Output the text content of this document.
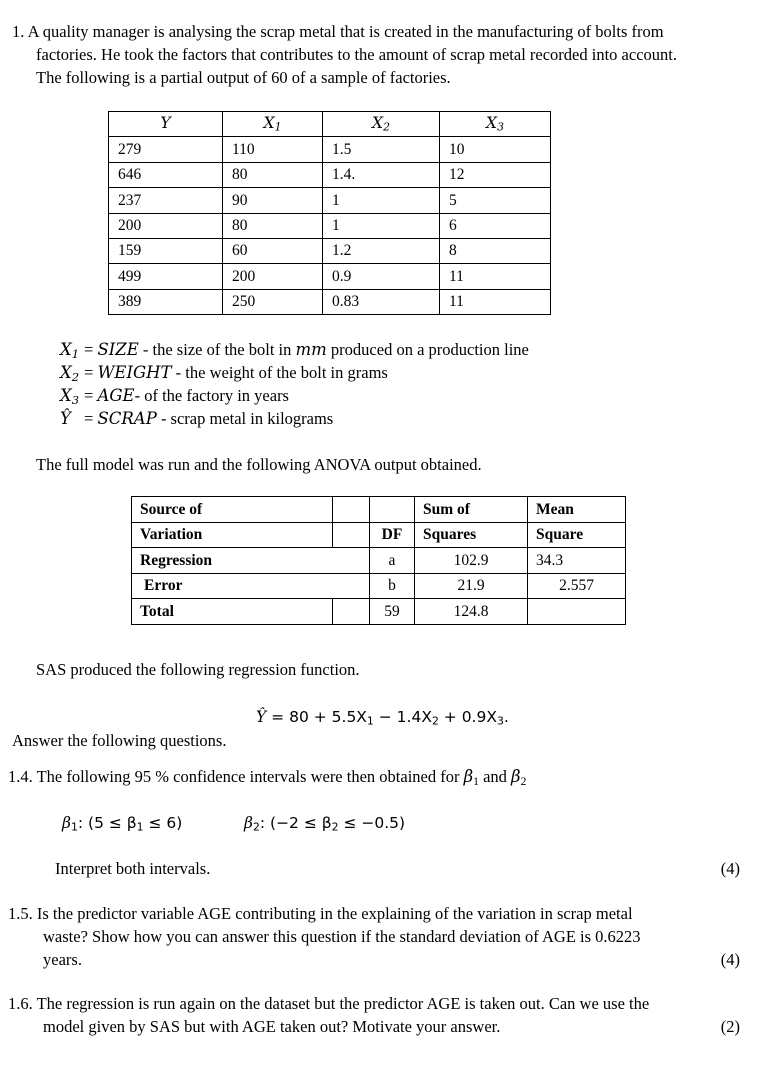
1. A quality manager is analysing the scrap metal that is created in the manufacturing of bolts from
factories. He took the factors that contributes to the amount of scrap metal recorded into account.
The following is a partial output of 60 of a sample of factories.
Y	$X_1$	$X_2$	$X_3$
279	110	1.5	10
646	80	1.4.	12
237	90	1	5
200	80	1	6
159	60	1.2	8
499	200	0.9	11
389	250	0.83	11
$X_1$ = SIZE - the size of the bolt in mm produced on a production line
$X_2$ = WEIGHT - the weight of the bolt in grams
$X_3 = AGE-$ of the factory in years
Ŷ = SCRAP - scrap metal in kilograms
The full model was run and the following ANOVA output obtained.
Source of			Sum of	Mean
Variation		DF	Squares	Square
Regression		a	102.9	34.3
Error		b	21.9	2.557
Total		59	124.8	
SAS produced the following regression function.
Ŷ = $80 + 5.5X_1 - 1.4X_2 + 0.9X_3$.
Answer the following questions.
1.4. The following 95 % confidence intervals were then obtained for $\beta_1$ and $\beta_2$
$\beta_1$: $(5 \le \beta_1 \le 6)$	$\beta_2$: $(-2 \le \beta_2 \le -0.5)$
Interpret both intervals.	(4)
1.5. Is the predictor variable AGE contributing in the explaining of the variation in scrap metal
waste? Show how you can answer this question if the standard deviation of AGE is 0.6223
years.	(4)
1.6. The regression is run again on the dataset but the predictor AGE is taken out. Can we use the
model given by SAS but with AGE taken out? Motivate your answer.	(2)
